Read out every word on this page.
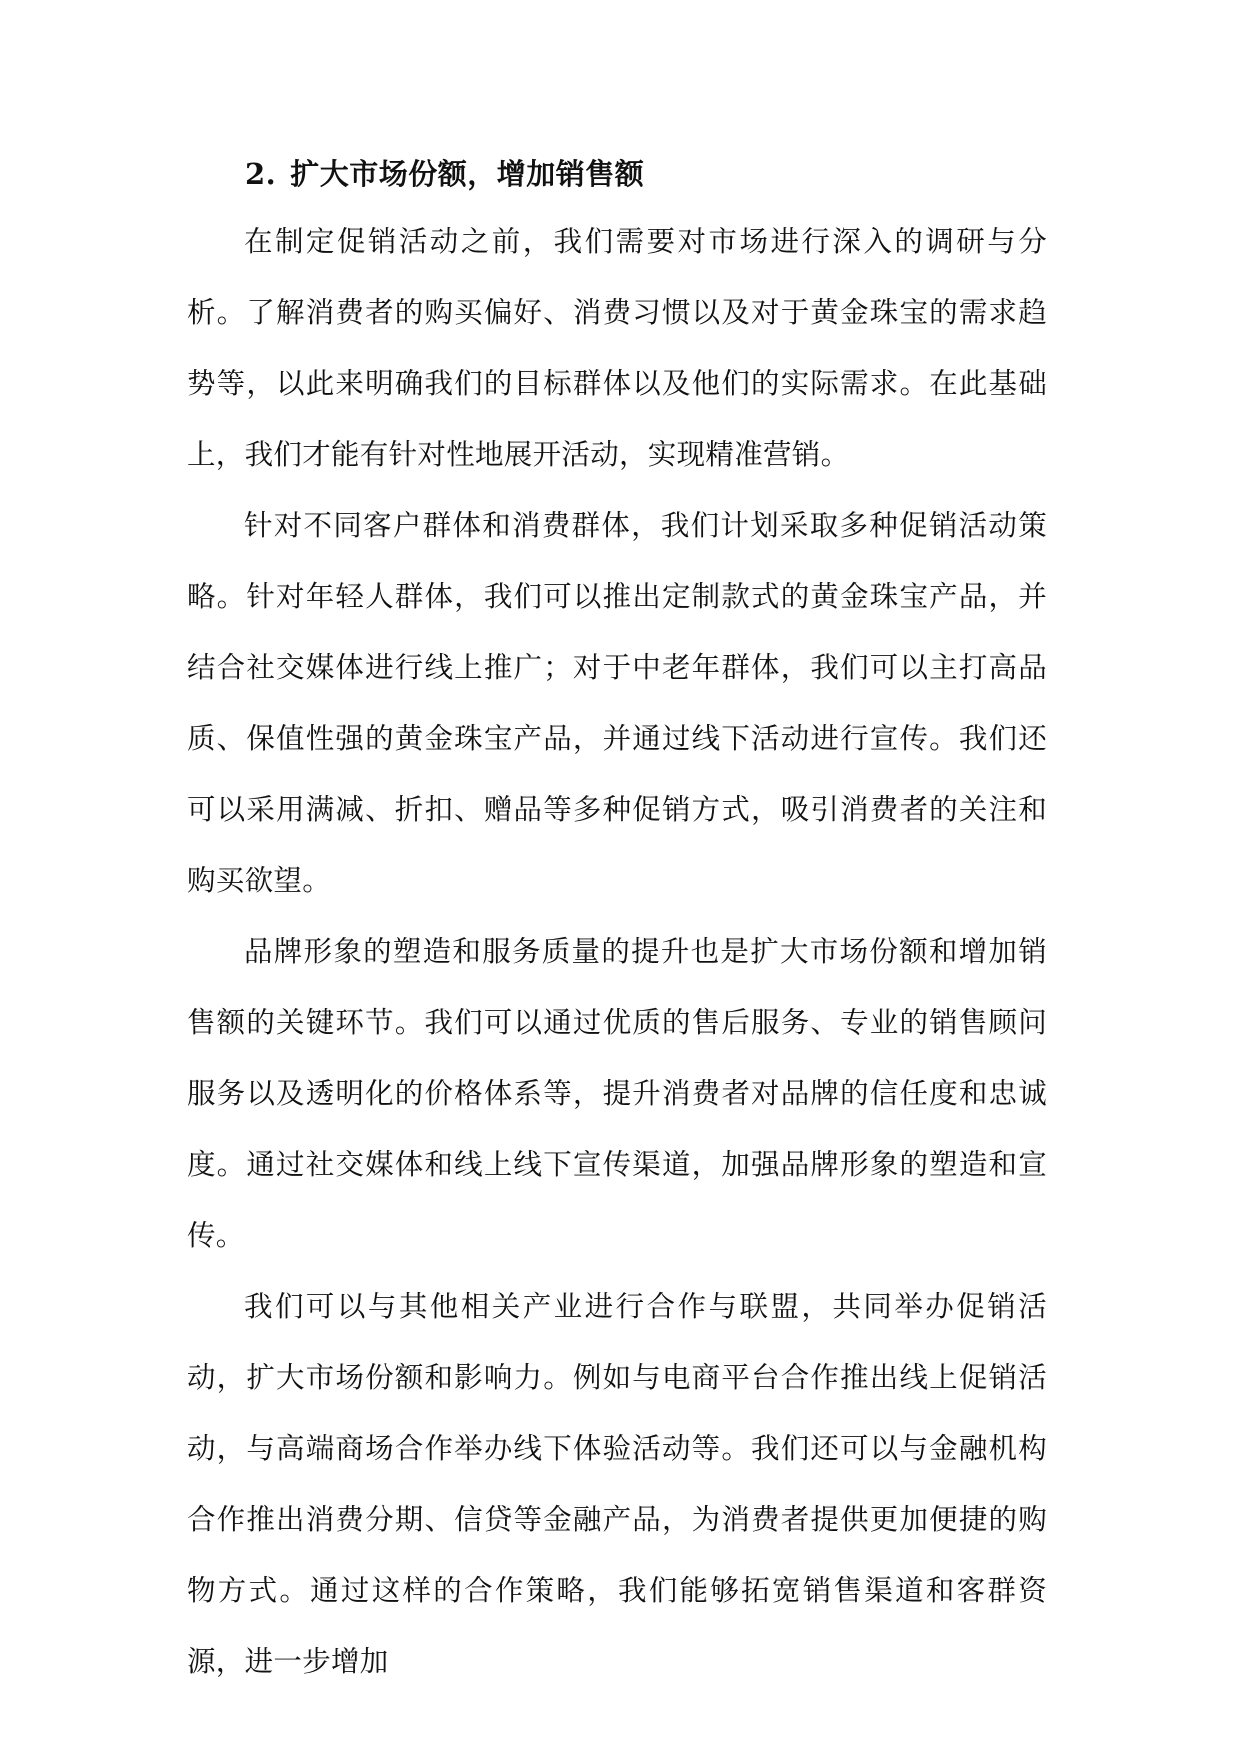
2. 扩大市场份额，增加销售额

在制定促销活动之前，我们需要对市场进行深入的调研与分析。了解消费者的购买偏好、消费习惯以及对于黄金珠宝的需求趋势等，以此来明确我们的目标群体以及他们的实际需求。在此基础上，我们才能有针对性地展开活动，实现精准营销。

针对不同客户群体和消费群体，我们计划采取多种促销活动策略。针对年轻人群体，我们可以推出定制款式的黄金珠宝产品，并结合社交媒体进行线上推广；对于中老年群体，我们可以主打高品质、保值性强的黄金珠宝产品，并通过线下活动进行宣传。我们还可以采用满减、折扣、赠品等多种促销方式，吸引消费者的关注和购买欲望。

品牌形象的塑造和服务质量的提升也是扩大市场份额和增加销售额的关键环节。我们可以通过优质的售后服务、专业的销售顾问服务以及透明化的价格体系等，提升消费者对品牌的信任度和忠诚度。通过社交媒体和线上线下宣传渠道，加强品牌形象的塑造和宣传。

我们可以与其他相关产业进行合作与联盟，共同举办促销活动，扩大市场份额和影响力。例如与电商平台合作推出线上促销活动，与高端商场合作举办线下体验活动等。我们还可以与金融机构合作推出消费分期、信贷等金融产品，为消费者提供更加便捷的购物方式。通过这样的合作策略，我们能够拓宽销售渠道和客群资源，进一步增加
